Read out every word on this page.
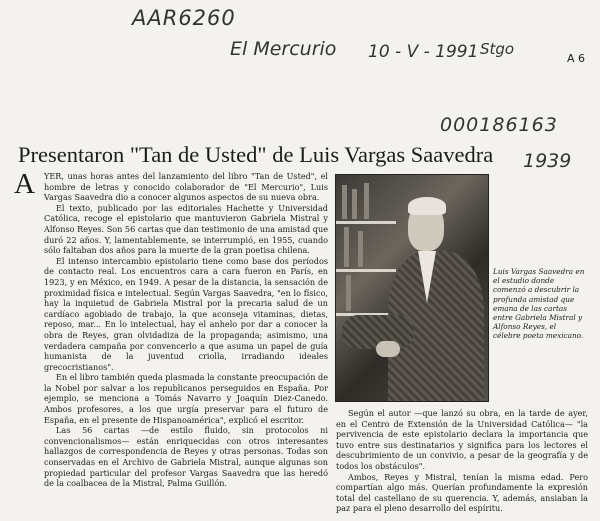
AAR6260
El Mercurio 10 - V - 1991 Stgo
A 6
000186163
1939
Presentaron "Tan de Usted" de Luis Vargas Saavedra

A YER, unas horas antes del lanzamiento del libro "Tan de Usted", el hombre de letras y conocido colaborador de "El Mercurio", Luis Vargas Saavedra dio a conocer algunos aspectos de su nueva obra.

El texto, publicado por las editoriales Hachette y Universidad Católica, recoge el epistolario que mantuvieron Gabriela Mistral y Alfonso Reyes. Son 56 cartas que dan testimonio de una amistad que duró 22 años. Y, lamentablemente, se interrumpió, en 1955, cuando sólo faltaban dos años para la muerte de la gran poetisa chilena.

El intenso intercambio epistolario tiene como base dos períodos de contacto real. Los encuentros cara a cara fueron en París, en 1923, y en México, en 1949. A pesar de la distancia, la sensación de proximidad física e intelectual. Según Vargas Saavedra, "en lo físico, hay la inquietud de Gabriela Mistral por la precaria salud de un cardíaco agobiado de trabajo, la que aconseja vitaminas, dietas, reposo, mar... En lo intelectual, hay el anhelo por dar a conocer la obra de Reyes, gran olvidadiza de la propaganda; asimismo, una verdadera campaña por convencerlo a que asuma un papel de guía humanista de la juventud criolla, irradiando ideales grecocristianos".

En el libro también queda plasmada la constante preocupación de la Nobel por salvar a los republicanos perseguidos en España. Por ejemplo, se menciona a Tomás Navarro y Joaquín Diez-Canedo. Ambos profesores, a los que urgía preservar para el futuro de España, en el presente de Hispanoamérica", explicó el escritor.

Las 56 cartas —de estilo fluido, sin protocolos ni convencionalismos— están enriquecidas con otros interesantes hallazgos de correspondencia de Reyes y otras personas. Todas son conservadas en el Archivo de Gabriela Mistral, aunque algunas son propiedad particular del profesor Vargas Saavedra que las heredó de la coalbacea de la Mistral, Palma Guillón.

Luis Vargas Saavedra en el estudio donde comenzó a descubrir la profunda amistad que emana de las cartas entre Gabriela Mistral y Alfonso Reyes, el célebre poeta mexicano.

Según el autor —que lanzó su obra, en la tarde de ayer, en el Centro de Extensión de la Universidad Católica— "la pervivencia de este epistolario declara la importancia que tuvo entre sus destinatarios y significa para los lectores el descubrimiento de un convivio, a pesar de la geografía y de todos los obstáculos".

Ambos, Reyes y Mistral, tenían la misma edad. Pero compartían algo más. Querían profundamente la expresión total del castellano de su querencia. Y, además, ansiaban la paz para el pleno desarrollo del espíritu.
